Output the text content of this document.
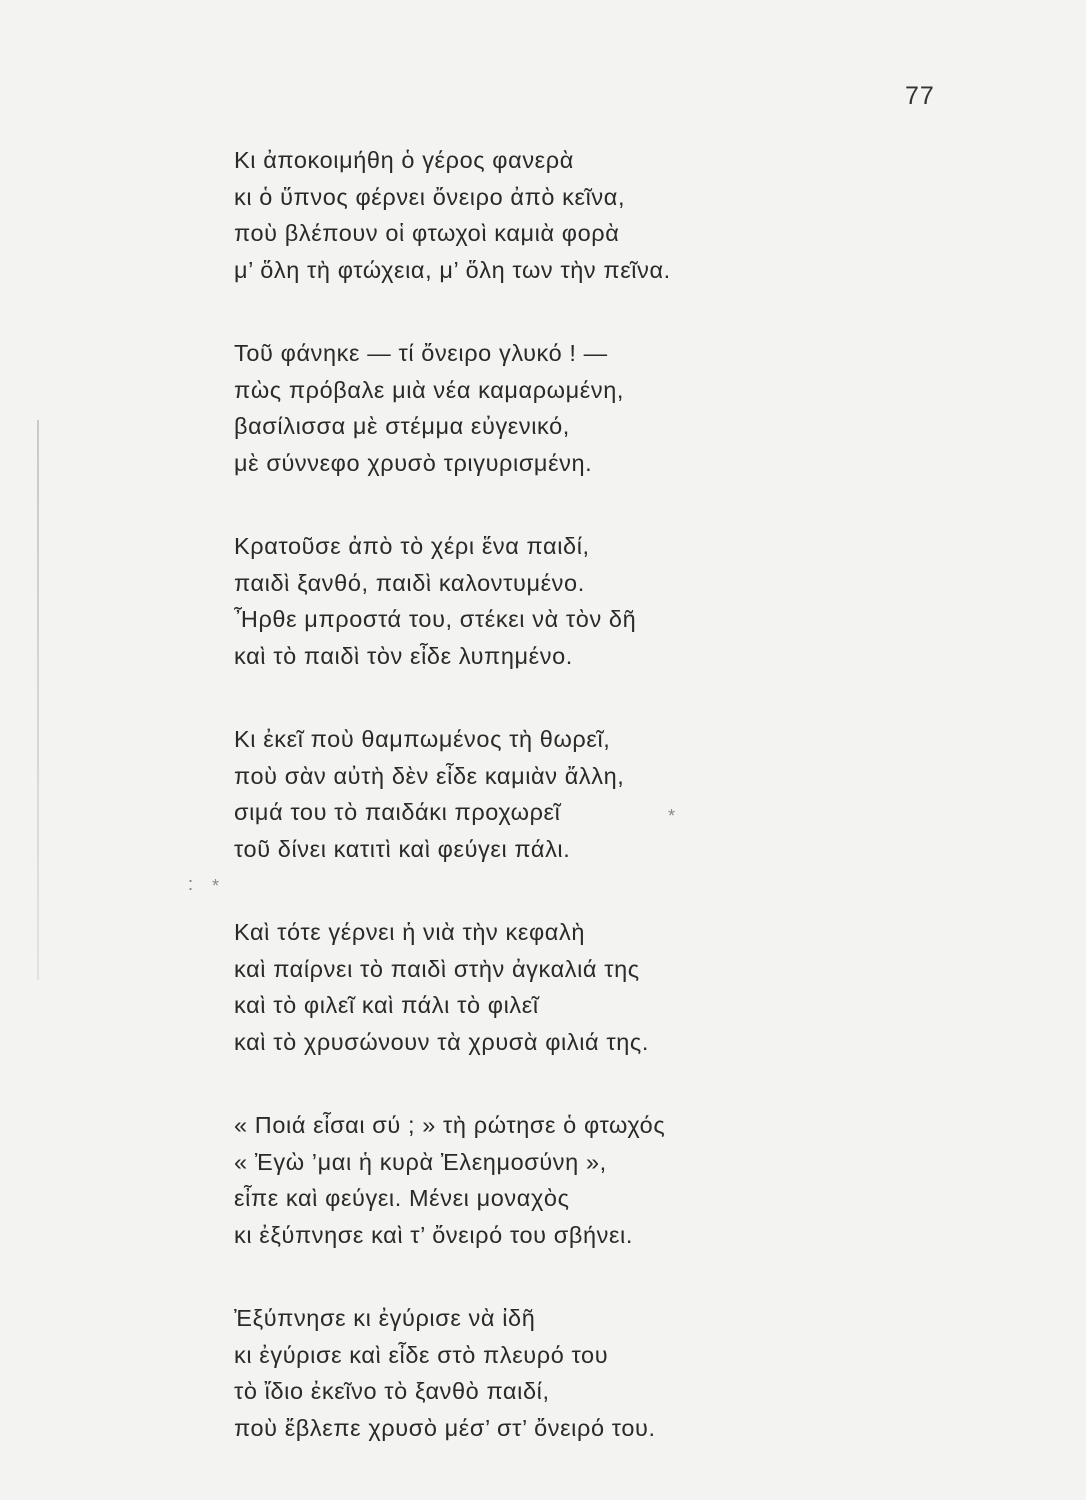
77
Κι ἀποκοιμήθη ὁ γέρος φανερὰ
κι ὁ ὕπνος φέρνει ὄνειρο ἀπὸ κεῖνα,
ποὺ βλέπουν οἱ φτωχοὶ καμιὰ φορὰ
μ’ ὅλη τὴ φτώχεια, μ’ ὅλη των τὴν πεῖνα.
Τοῦ φάνηκε — τί ὄνειρο γλυκό ! —
πὼς πρόβαλε μιὰ νέα καμαρωμένη,
βασίλισσα μὲ στέμμα εὐγενικό,
μὲ σύννεφο χρυσὸ τριγυρισμένη.
Κρατοῦσε ἀπὸ τὸ χέρι ἕνα παιδί,
παιδὶ ξανθό, παιδὶ καλοντυμένο.
Ἦρθε μπροστά του, στέκει νὰ τὸν δῆ
καὶ τὸ παιδὶ τὸν εἶδε λυπημένο.
Κι ἐκεῖ ποὺ θαμπωμένος τὴ θωρεῖ,
ποὺ σὰν αὐτὴ δὲν εἶδε καμιὰν ἄλλη,
σιμά του τὸ παιδάκι προχωρεῖ
τοῦ δίνει κατιτὶ καὶ φεύγει πάλι.
Καὶ τότε γέρνει ἡ νιὰ τὴν κεφαλὴ
καὶ παίρνει τὸ παιδὶ στὴν ἀγκαλιά της
καὶ τὸ φιλεῖ καὶ πάλι τὸ φιλεῖ
καὶ τὸ χρυσώνουν τὰ χρυσὰ φιλιά της.
« Ποιά εἶσαι σύ ; » τὴ ρώτησε ὁ φτωχός
« Ἐγὼ ’μαι ἡ κυρὰ Ἐλεημοσύνη »,
εἶπε καὶ φεύγει. Μένει μοναχὸς
κι ἐξύπνησε καὶ τ’ ὄνειρό του σβήνει.
Ἐξύπνησε κι ἐγύρισε νὰ ἰδῆ
κι ἐγύρισε καὶ εἶδε στὸ πλευρό του
τὸ ἴδιο ἐκεῖνο τὸ ξανθὸ παιδί,
ποὺ ἔβλεπε χρυσὸ μέσ’ στ’ ὄνειρό του.
*
*
:
